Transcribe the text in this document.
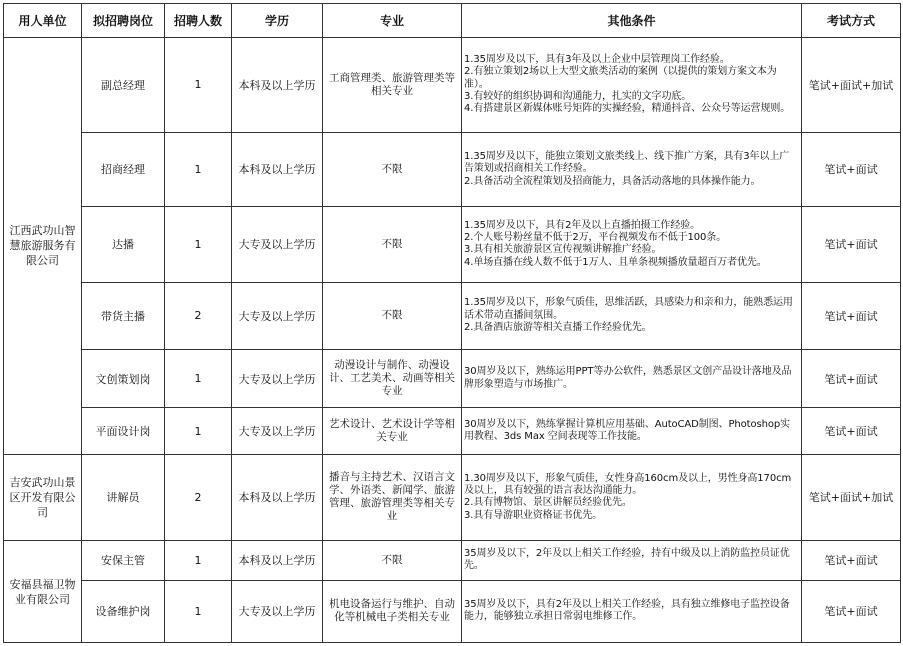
用人单位	拟招聘岗位	招聘人数	学历	专业	其他条件	考试方式
江西武功山智慧旅游服务有限公司	副总经理	1	本科及以上学历	工商管理类、旅游管理类等相关专业	1.35周岁及以下，具有3年及以上企业中层管理岗工作经验。
2.有独立策划2场以上大型文旅类活动的案例（以提供的策划方案文本为准）。
3.有较好的组织协调和沟通能力，扎实的文字功底。
4.有搭建景区新媒体账号矩阵的实操经验，精通抖音、公众号等运营规则。	笔试+面试+加试
	招商经理	1	本科及以上学历	不限	1.35周岁及以下，能独立策划文旅类线上、线下推广方案，具有3年以上广告策划或招商相关工作经验。
2.具备活动全流程策划及招商能力，具备活动落地的具体操作能力。	笔试+面试
	达播	1	大专及以上学历	不限	1.35周岁及以下，具有2年及以上直播拍摄工作经验。
2.个人账号粉丝量不低于2万，平台视频发布不低于100条。
3.具有相关旅游景区宣传视频讲解推广经验。
4.单场直播在线人数不低于1万人、且单条视频播放量超百万者优先。	笔试+面试
	带货主播	2	大专及以上学历	不限	1.35周岁及以下，形象气质佳，思维活跃，具感染力和亲和力，能熟悉运用话术带动直播间氛围。
2.具备酒店旅游等相关直播工作经验优先。	笔试+面试
	文创策划岗	1	大专及以上学历	动漫设计与制作、动漫设计、工艺美术、动画等相关专业	30周岁及以下，熟练运用PPT等办公软件，熟悉景区文创产品设计落地及品牌形象塑造与市场推广。	笔试+面试
	平面设计岗	1	大专及以上学历	艺术设计、艺术设计学等相关专业	30周岁及以下，熟练掌握计算机应用基础、AutoCAD制图、Photoshop实用教程、3ds Max 空间表现等工作技能。	笔试+面试
吉安武功山景区开发有限公司	讲解员	2	本科及以上学历	播音与主持艺术、汉语言文学、外语类、新闻学、旅游管理、旅游管理类等相关专业	1.30周岁及以下，形象气质佳，女性身高160cm及以上，男性身高170cm及以上，具有较强的语言表达沟通能力。
2.具有博物馆、景区讲解员经验优先。
3.具有导游职业资格证书优先。	笔试+面试+加试
安福县福卫物业有限公司	安保主管	1	本科及以上学历	不限	35周岁及以下，2年及以上相关工作经验，持有中级及以上消防监控员证优先。	笔试+面试
	设备维护岗	1	大专及以上学历	机电设备运行与维护、自动化等机械电子类相关专业	35周岁及以下，具有2年及以上相关工作经验，具有独立维修电子监控设备能力，能够独立承担日常弱电维修工作。	笔试+面试
